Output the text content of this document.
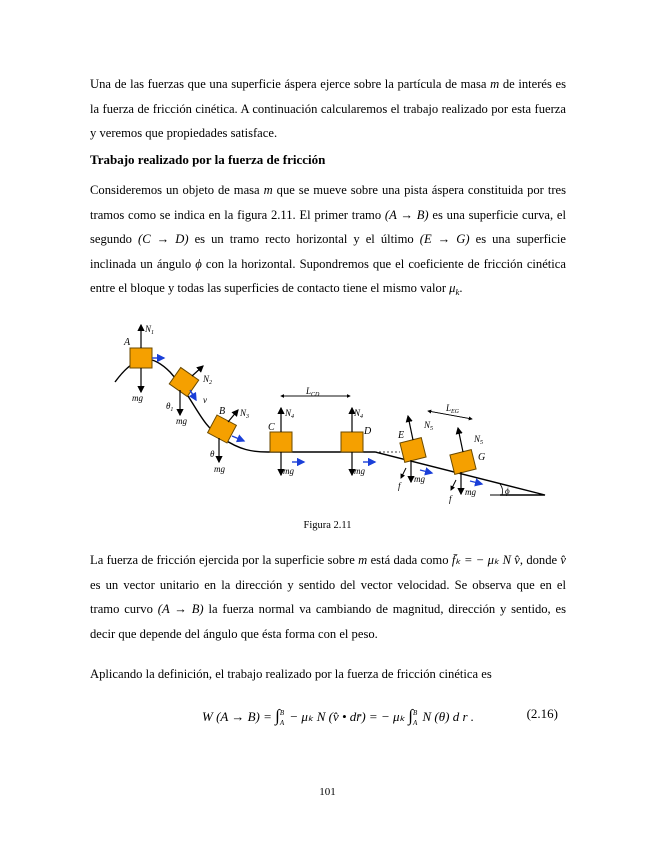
Una de las fuerzas que una superficie áspera ejerce sobre la partícula de masa m de interés es la fuerza de fricción cinética. A continuación calcularemos el trabajo realizado por esta fuerza y veremos que propiedades satisface.
Trabajo realizado por la fuerza de fricción
Consideremos un objeto de masa m que se mueve sobre una pista áspera constituida por tres tramos como se indica en la figura 2.11. El primer tramo (A → B) es una superficie curva, el segundo (C → D) es un tramo recto horizontal y el último (E → G) es una superficie inclinada un ángulo ϕ con la horizontal. Supondremos que el coeficiente de fricción cinética entre el bloque y todas las superficies de contacto tiene el mismo valor $\mu_k$.
A
$N_1$
mg
$N_2$
mg
v
$\theta_1$	B $N_3$
mg
θ
C
$N_4$
mg
$L_{CD}$
D
$N_4$
mg
E
$N_5$
mg
f
$L_{EG}$
G
$N_5$
mg
f
ϕ
Figura 2.11
La fuerza de fricción ejercida por la superficie sobre m está dada como f̄ₖ = − μₖ N v̂, donde v̂ es un vector unitario en la dirección y sentido del vector velocidad. Se observa que en el tramo curvo (A → B) la fuerza normal va cambiando de magnitud, dirección y sentido, es decir que depende del ángulo que ésta forma con el peso.
Aplicando la definición, el trabajo realizado por la fuerza de fricción cinética es
W (A → B) = ∫ B
A − μₖ N (v̂ • dr̄) = − μₖ ∫ B
A N (θ) d r .	(2.16)
101
